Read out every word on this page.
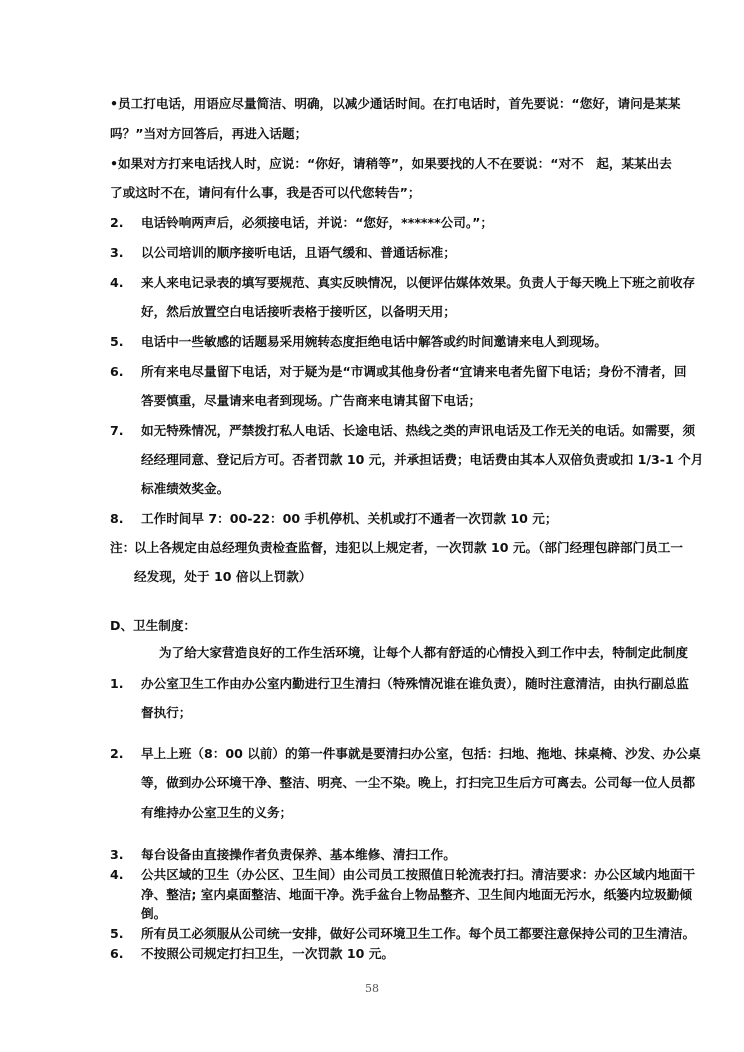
•员工打电话，用语应尽量简洁、明确，以减少通话时间。在打电话时，首先要说：“您好，请问是某某
吗？”当对方回答后，再进入话题；
•如果对方打来电话找人时，应说：“你好，请稍等”，如果要找的人不在要说：“对不　起，某某出去
了或这时不在，请问有什么事，我是否可以代您转告”；
2. 电话铃响两声后，必须接电话，并说：“您好，******公司。”；
3. 以公司培训的顺序接听电话，且语气缓和、普通话标准；
4. 来人来电记录表的填写要规范、真实反映情况，以便评估媒体效果。负责人于每天晚上下班之前收存
好，然后放置空白电话接听表格于接听区，以备明天用；
5. 电话中一些敏感的话题易采用婉转态度拒绝电话中解答或约时间邀请来电人到现场。
6. 所有来电尽量留下电话，对于疑为是“市调或其他身份者“宜请来电者先留下电话；身份不清者，回
答要慎重，尽量请来电者到现场。广告商来电请其留下电话；
7. 如无特殊情况，严禁拨打私人电话、长途电话、热线之类的声讯电话及工作无关的电话。如需要，须
经经理同意、登记后方可。否者罚款 10 元，并承担话费；电话费由其本人双倍负责或扣 1/3-1 个月
标准绩效奖金。
8. 工作时间早 7：00-22：00 手机停机、关机或打不通者一次罚款 10 元；
注：
以上各规定由总经理负责检查监督，违犯以上规定者，一次罚款 10 元。（部门经理包辟部门员工一
经发现，处于 10 倍以上罚款）
D、卫生制度：
为了给大家营造良好的工作生活环境，让每个人都有舒适的心情投入到工作中去，特制定此制度
1. 办公室卫生工作由办公室内勤进行卫生清扫（特殊情况谁在谁负责），随时注意清洁，由执行副总监
督执行；
2. 早上上班（8：00 以前）的第一件事就是要清扫办公室，包括：扫地、拖地、抹桌椅、沙发、办公桌
等，做到办公环境干净、整洁、明亮、一尘不染。晚上，打扫完卫生后方可离去。公司每一位人员都
有维持办公室卫生的义务；
3. 每台设备由直接操作者负责保养、基本维修、清扫工作。
4. 公共区域的卫生（办公区、卫生间）由公司员工按照值日轮流表打扫。清洁要求：办公区域内地面干
净、整洁; 室内桌面整洁、地面干净。洗手盆台上物品整齐、卫生间内地面无污水，纸篓内垃圾勤倾
倒。
5. 所有员工必须服从公司统一安排，做好公司环境卫生工作。每个员工都要注意保持公司的卫生清洁。
6. 不按照公司规定打扫卫生，一次罚款 10 元。
58
